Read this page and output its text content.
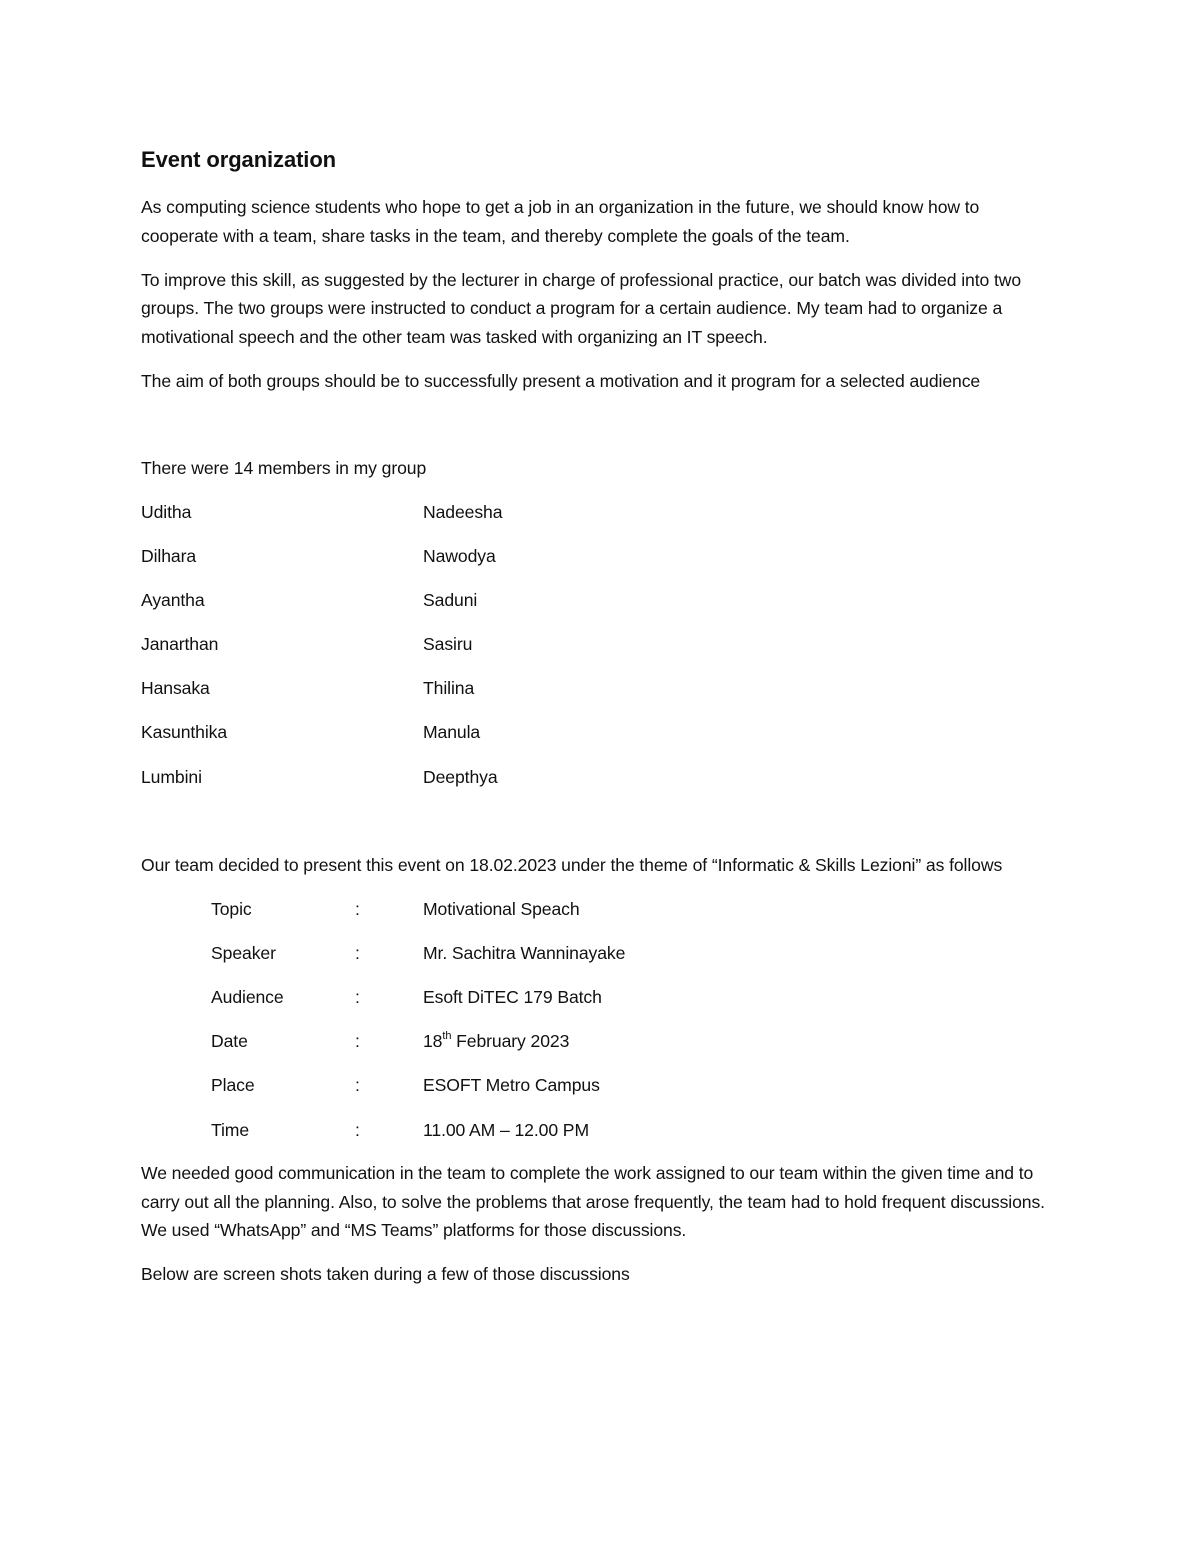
Event organization

As computing science students who hope to get a job in an organization in the future, we should know how to cooperate with a team, share tasks in the team, and thereby complete the goals of the team.

To improve this skill, as suggested by the lecturer in charge of professional practice, our batch was divided into two groups. The two groups were instructed to conduct a program for a certain audience. My team had to organize a motivational speech and the other team was tasked with organizing an IT speech.

The aim of both groups should be to successfully present a motivation and it program for a selected audience

There were 14 members in my group

Uditha	Nadeesha
Dilhara	Nawodya
Ayantha	Saduni
Janarthan	Sasiru
Hansaka	Thilina
Kasunthika	Manula
Lumbini	Deepthya

Our team decided to present this event on 18.02.2023 under the theme of “Informatic & Skills Lezioni” as follows

Topic	:	Motivational Speach
Speaker	:	Mr. Sachitra Wanninayake
Audience	:	Esoft DiTEC 179 Batch
Date	:	18th February 2023
Place	:	ESOFT Metro Campus
Time	:	11.00 AM – 12.00 PM

We needed good communication in the team to complete the work assigned to our team within the given time and to carry out all the planning. Also, to solve the problems that arose frequently, the team had to hold frequent discussions. We used “WhatsApp” and “MS Teams” platforms for those discussions.

Below are screen shots taken during a few of those discussions
